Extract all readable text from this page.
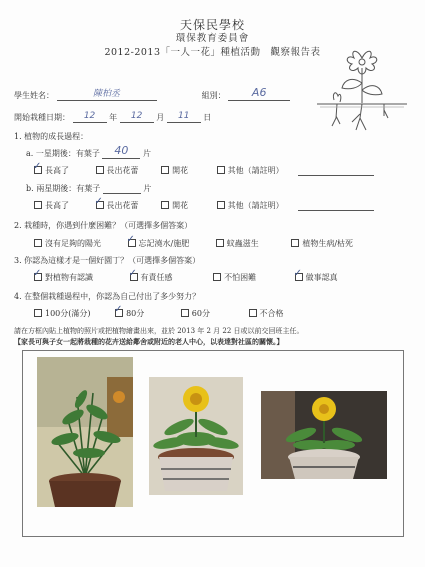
天保民學校
環保教育委員會
2012-2013「一人一花」種植活動　觀察報告表
學生姓名：	陳柏丞	組別：	A6
開始栽種日期：	12	年	12	月	11	日
1. 植物的成長過程：
a. 一星期後：有葉子	40	片
✓ 長高了	長出花蕾	開花	其他（請註明）
b. 兩星期後：有葉子	片
長高了	✓ 長出花蕾	開花	其他（請註明）
2. 栽種時，你遇到什麼困難？（可選擇多個答案）
沒有足夠的陽光	✓ 忘記澆水/施肥	蚊蟲滋生	植物生病/枯死
3. 你認為這樣才是一個好園丁？（可選擇多個答案）
✓ 對植物有認識	✓ 有責任感	不怕困難	✓ 做事認真
4. 在整個栽種過程中，你認為自己付出了多少努力？
100分(滿分) ✓ 80分	60分	不合格
請在方框內貼上植物的照片或把植物繪畫出來，並於 2013 年 2 月 22 日或以前交回班主任。
【家長可與子女一起將栽種的花卉送給鄰舍或附近的老人中心，以表達對社區的關懷。】
